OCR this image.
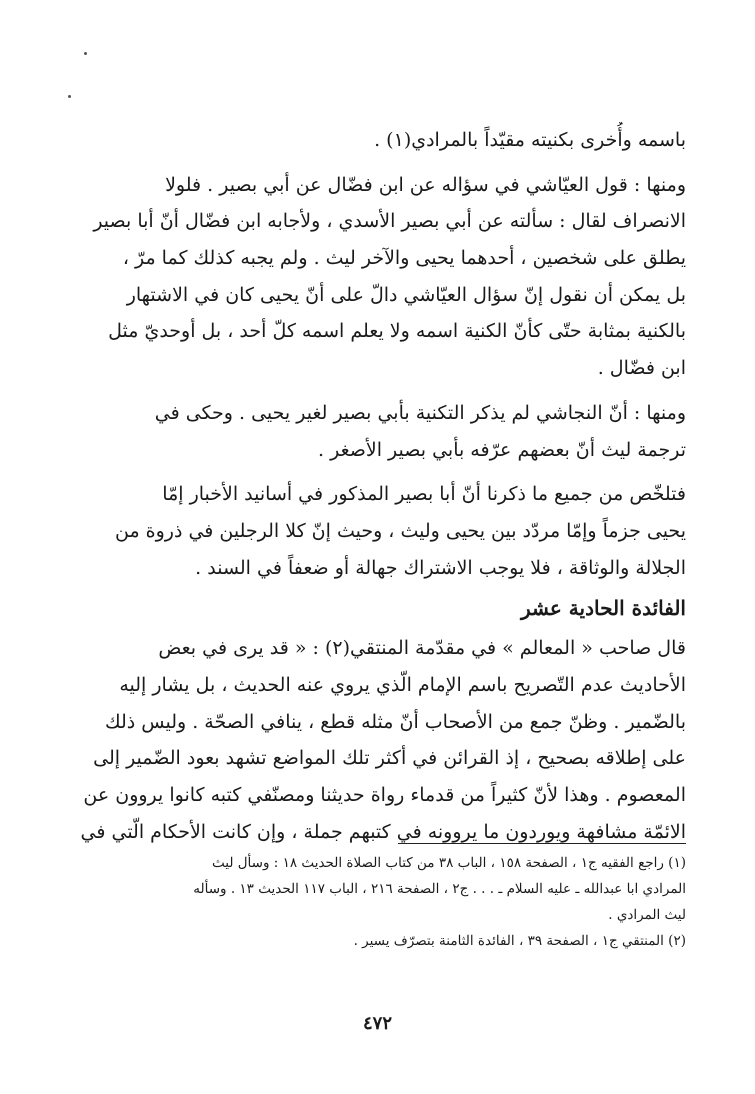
باسمه وأُخرى بكنيته مقيّداً بالمرادي(١) .
ومنها : قول العيّاشي في سؤاله عن ابن فضّال عن أبي بصير . فلولا
الانصراف لقال : سألته عن أبي بصير الأسدي ، ولأجابه ابن فضّال أنّ أبا بصير
يطلق على شخصين ، أحدهما يحيى والآخر ليث . ولم يجبه كذلك كما مرّ ،
بل يمكن أن نقول إنّ سؤال العيّاشي دالّ على أنّ يحيى كان في الاشتهار
بالكنية بمثابة حتّى كأنّ الكنية اسمه ولا يعلم اسمه كلّ أحد ، بل أوحديّ مثل
ابن فضّال .
ومنها : أنّ النجاشي لم يذكر التكنية بأبي بصير لغير يحيى . وحكى في
ترجمة ليث أنّ بعضهم عرّفه بأبي بصير الأصغر .
فتلخّص من جميع ما ذكرنا أنّ أبا بصير المذكور في أسانيد الأخبار إمّا
يحيى جزماً وإمّا مردّد بين يحيى وليث ، وحيث إنّ كلا الرجلين في ذروة من
الجلالة والوثاقة ، فلا يوجب الاشتراك جهالة أو ضعفاً في السند .
الفائدة الحادية عشر
قال صاحب « المعالم » في مقدّمة المنتقي(٢) : « قد يرى في بعض
الأحاديث عدم التّصريح باسم الإمام الّذي يروي عنه الحديث ، بل يشار إليه
بالضّمير . وظنّ جمع من الأصحاب أنّ مثله قطع ، ينافي الصحّة . وليس ذلك
على إطلاقه بصحيح ، إذ القرائن في أكثر تلك المواضع تشهد بعود الضّمير إلى
المعصوم . وهذا لأنّ كثيراً من قدماء رواة حديثنا ومصنّفي كتبه كانوا يروون عن
الائمّة مشافهة ويوردون ما يروونه في كتبهم جملة ، وإن كانت الأحكام الّتي في
(١) راجع الفقيه ج١ ، الصفحة ١٥٨ ، الباب ٣٨ من كتاب الصلاة الحديث ١٨ : وسأل ليث
المرادي ابا عبدالله ـ عليه السلام ـ . . . ج٢ ، الصفحة ٢١٦ ، الباب ١١٧ الحديث ١٣ . وسأله
ليث المرادي .
(٢) المنتقي ج١ ، الصفحة ٣٩ ، الفائدة الثامنة بتصرّف يسير .
٤٧٢
